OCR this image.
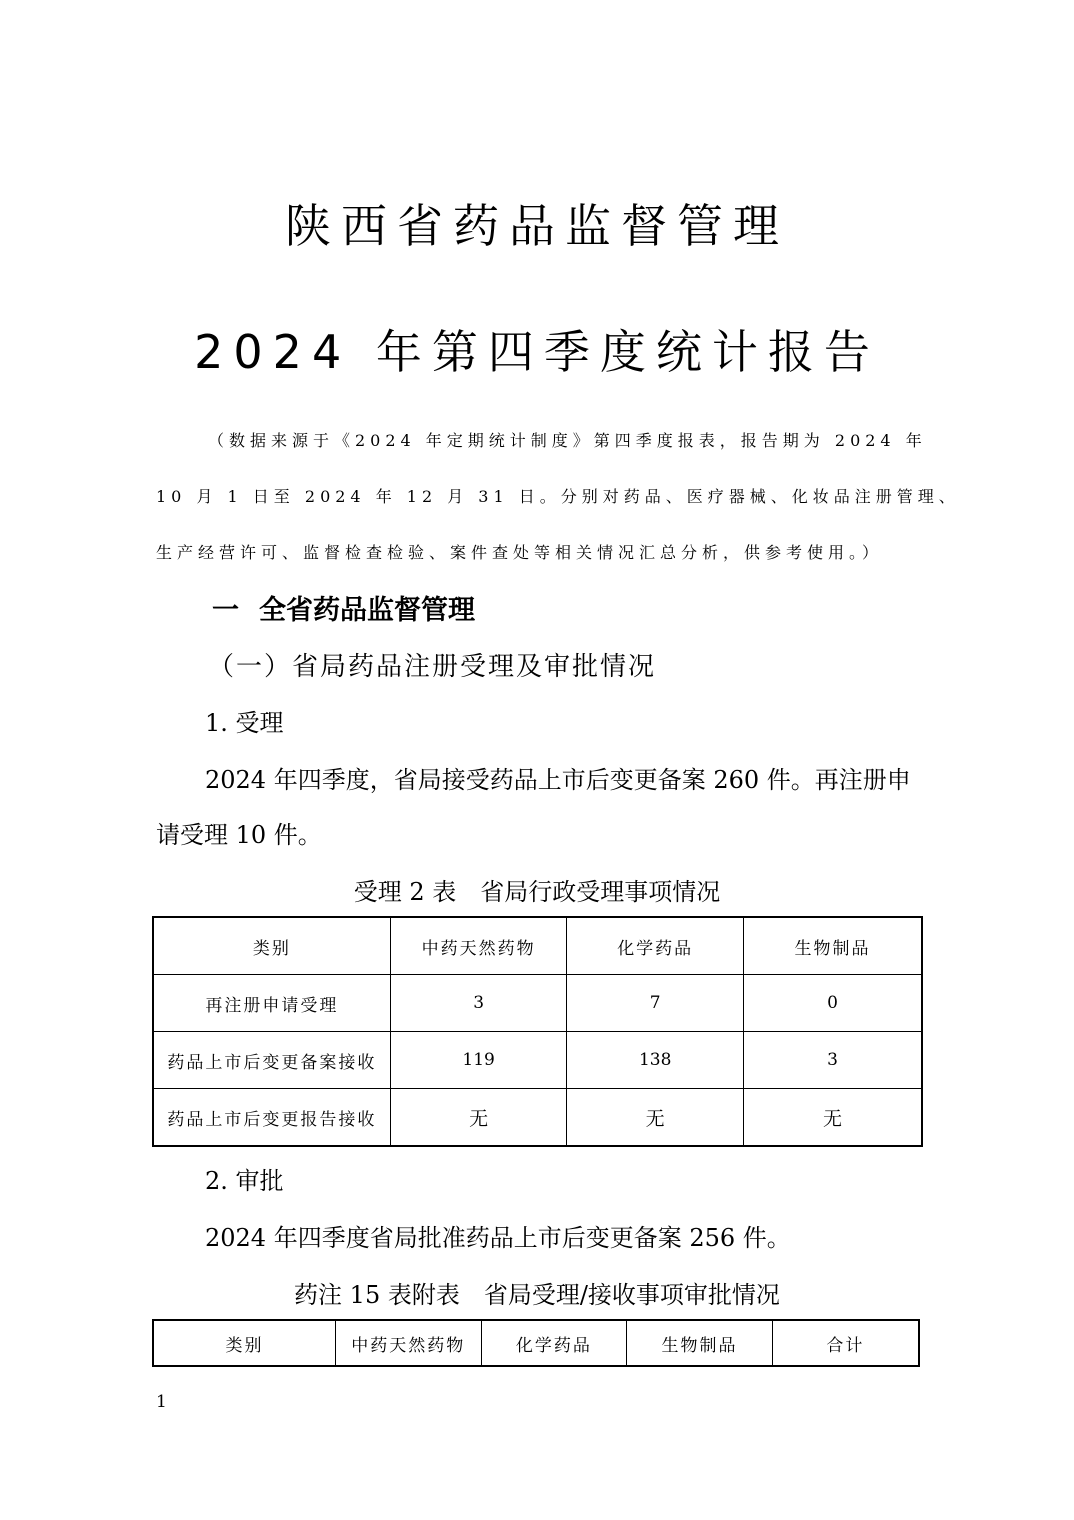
陕西省药品监督管理
2024 年第四季度统计报告
（数据来源于《2024 年定期统计制度》第四季度报表，报告期为 2024 年
10 月 1 日至 2024 年 12 月 31 日。分别对药品、医疗器械、化妆品注册管理、
生产经营许可、监督检查检验、案件查处等相关情况汇总分析，供参考使用。）
一 全省药品监督管理
（一）省局药品注册受理及审批情况
1. 受理
2024 年四季度，省局接受药品上市后变更备案 260 件。再注册申
请受理 10 件。
受理 2 表　省局行政受理事项情况
类别	中药天然药物	化学药品	生物制品
再注册申请受理	3	7	0
药品上市后变更备案接收	119	138	3
药品上市后变更报告接收	无	无	无
2. 审批
2024 年四季度省局批准药品上市后变更备案 256 件。
药注 15 表附表　省局受理/接收事项审批情况
类别	中药天然药物	化学药品	生物制品	合计
1
